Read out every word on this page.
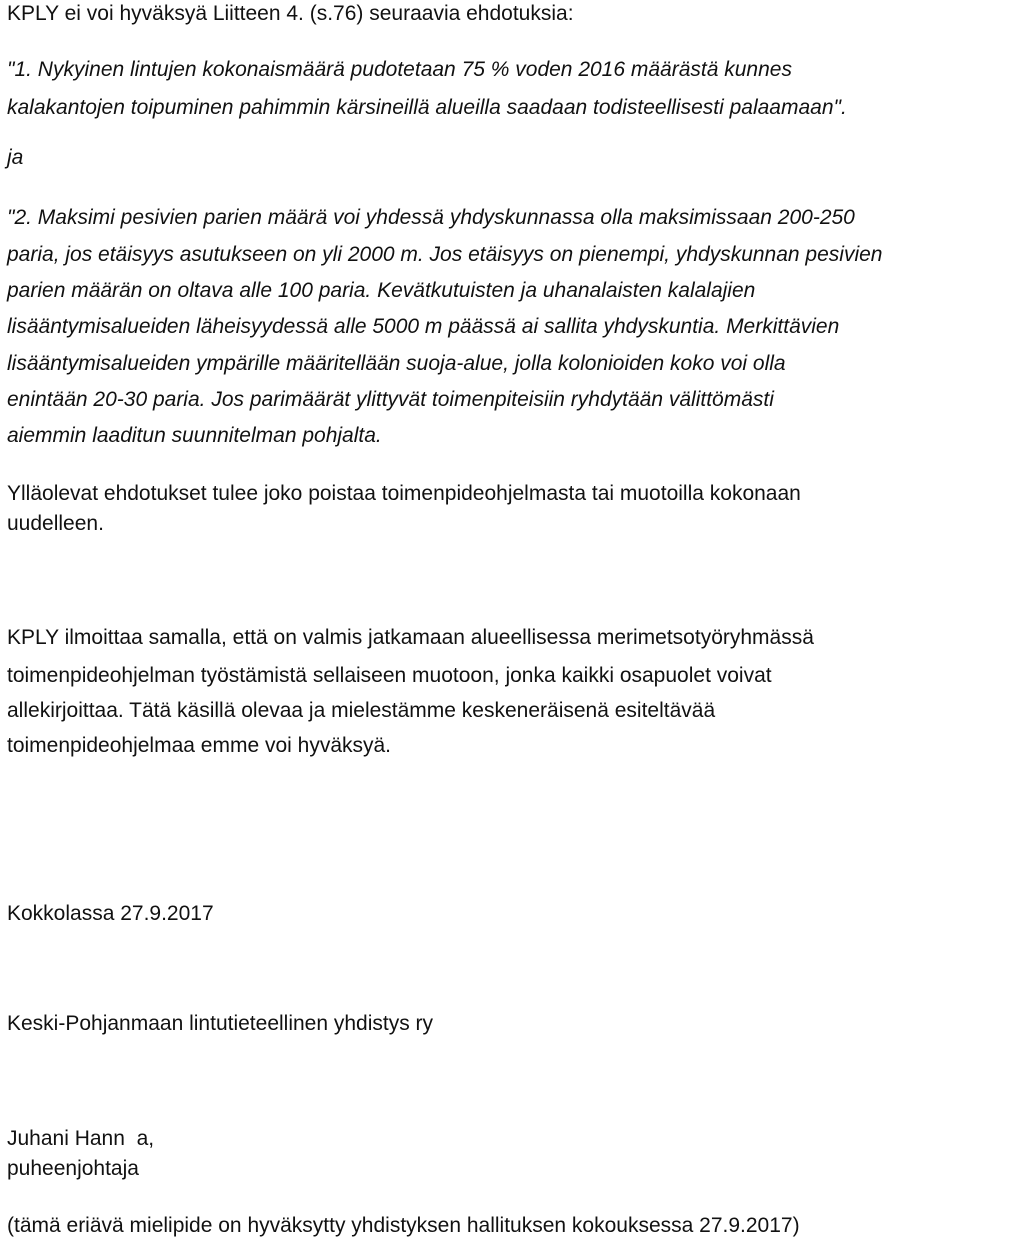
KPLY ei voi hyväksyä Liitteen 4. (s.76) seuraavia ehdotuksia:
"1. Nykyinen lintujen kokonaismäärä pudotetaan 75 % voden 2016 määrästä kunnes
kalakantojen toipuminen pahimmin kärsineillä alueilla saadaan todisteellisesti palaamaan".
ja
"2. Maksimi pesivien parien määrä voi yhdessä yhdyskunnassa olla maksimissaan 200-250
paria, jos etäisyys asutukseen on yli 2000 m. Jos etäisyys on pienempi, yhdyskunnan pesivien
parien määrän on oltava alle 100 paria. Kevätkutuisten ja uhanalaisten kalalajien
lisääntymisalueiden läheisyydessä alle 5000 m päässä ai sallita yhdyskuntia. Merkittävien
lisääntymisalueiden ympärille määritellään suoja-alue, jolla kolonioiden koko voi olla
enintään 20-30 paria. Jos parimäärät ylittyvät toimenpiteisiin ryhdytään välittömästi
aiemmin laaditun suunnitelman pohjalta.
Ylläolevat ehdotukset tulee joko poistaa toimenpideohjelmasta tai muotoilla kokonaan
uudelleen.
KPLY ilmoittaa samalla, että on valmis jatkamaan alueellisessa merimetsotyöryhmässä
toimenpideohjelman työstämistä sellaiseen muotoon, jonka kaikki osapuolet voivat
allekirjoittaa. Tätä käsillä olevaa ja mielestämme keskeneräisenä esiteltävää
toimenpideohjelmaa emme voi hyväksyä.
Kokkolassa 27.9.2017
Keski-Pohjanmaan lintutieteellinen yhdistys ry
Juhani Hann  a,
puheenjohtaja
(tämä eriävä mielipide on hyväksytty yhdistyksen hallituksen kokouksessa 27.9.2017)
